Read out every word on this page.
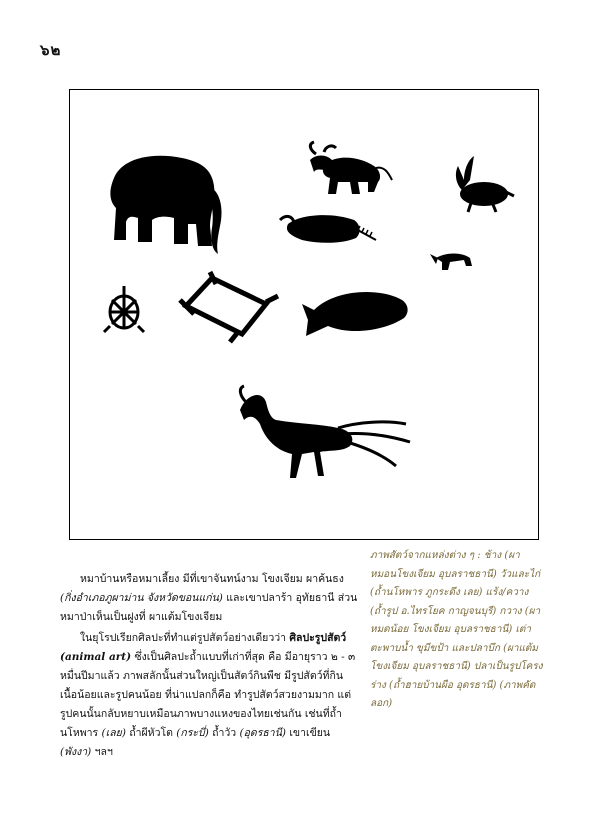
๖๒
ภาพสัตว์จากแหล่งต่าง ๆ : ช้าง (ผาหมอนโขงเจียม อุบลราชธานี) วัวและไก่ (ถ้ำนโหพาร ภูกระดึง เลย) แร้ง/ควาง (ถ้ำรูป อ.ไทรโยค กาญจนบุรี) กวาง (ผาหมดน้อย โขงเจียม อุบลราชธานี) เต่าตะพาบน้ำ ขุมีขป้า และปลาบึก (ผาแต้ม โขงเจียม อุบลราชธานี) ปลาเป็นรูปโครงร่าง (ถ้ำฮายบ้านผือ อุดรธานี) (ภาพคัดลอก)

หมาบ้านหรือหมาเลี้ยง มีที่เขาจันทน์งาม โขงเจียม ผาค้นธง (กิ่งอำเภอภูผาม่าน จังหวัดขอนแก่น) และเขาปลาร้า อุทัยธานี ส่วนหมาป่าเห็นเป็นฝูงที่ ผาแต้มโขงเจียม

ในยุโรปเรียกศิลปะที่ทำแต่รูปสัตว์อย่างเดียวว่า ศิลปะรูปสัตว์ (animal art) ซึ่งเป็นศิลปะถ้ำแบบที่เก่าที่สุด คือ มีอายุราว ๒ - ๓ หมื่นปีมาแล้ว ภาพสลักนั้นส่วนใหญ่เป็นสัตว์กินพืช มีรูปสัตว์ที่กินเนื้อน้อยและรูปคนน้อย ที่น่าแปลกก็คือ ทำรูปสัตว์สวยงามมาก แต่รูปคนนั้นกลับหยาบเหมือนภาพบางแหงของไทยเช่นกัน เช่นที่ถ้ำนโหพาร (เลย) ถ้ำผีหัวโต (กระบี่) ถ้ำวัว (อุดรธานี) เขาเขียน (พังงา) ฯลฯ
